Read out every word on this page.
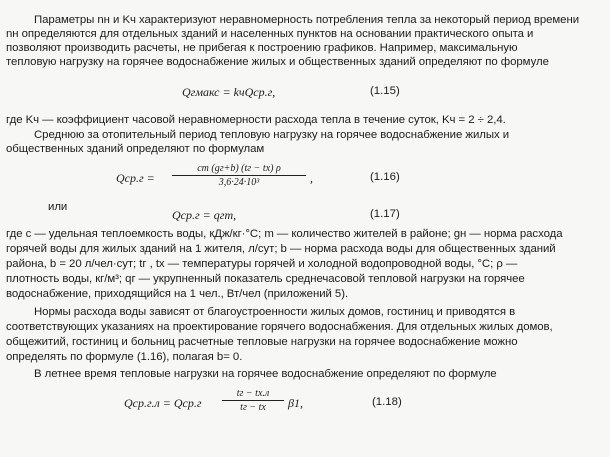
Параметры nн и Kч характеризуют неравномерность потребления тепла за некоторый период времени
nн определяются для отдельных зданий и населенных пунктов на основании практического опыта и
позволяют производить расчеты, не прибегая к построению графиков. Например, максимальную
тепловую нагрузку на горячее водоснабжение жилых и общественных зданий определяют по формуле
Qгмакс = kчQср.г,	(1.15)
где Kч — коэффициент часовой неравномерности расхода тепла в течение суток, Kч = 2 ÷ 2,4.
Среднюю за отопительный период тепловую нагрузку на горячее водоснабжение жилых и
общественных зданий определяют по формулам
Qср.г =
cm (gг+b) (tг − tх) ρ
3,6·24·10³	,	(1.16)
или
Qср.г = qгm,	(1.17)
где c — удельная теплоемкость воды, кДж/кг·°C; m — количество жителей в районе; gн — норма расхода
горячей воды для жилых зданий на 1 жителя, л/сут; b — норма расхода воды для общественных зданий
района, b = 20 л/чел·сут; tг , tх — температуры горячей и холодной водопроводной воды, °C; ρ —
плотность воды, кг/м³; qг — укрупненный показатель среднечасовой тепловой нагрузки на горячее
водоснабжение, приходящийся на 1 чел., Вт/чел (приложений 5).
Нормы расхода воды зависят от благоустроенности жилых домов, гостиниц и приводятся в
соответствующих указаниях на проектирование горячего водоснабжения. Для отдельных жилых домов,
общежитий, гостиниц и больниц расчетные тепловые нагрузки на горячее водоснабжение можно
определять по формуле (1.16), полагая b= 0.
В летнее время тепловые нагрузки на горячее водоснабжение определяют по формуле
Qср.г.л = Qср.г
tг − tх.л
tг − tх	β1,	(1.18)
